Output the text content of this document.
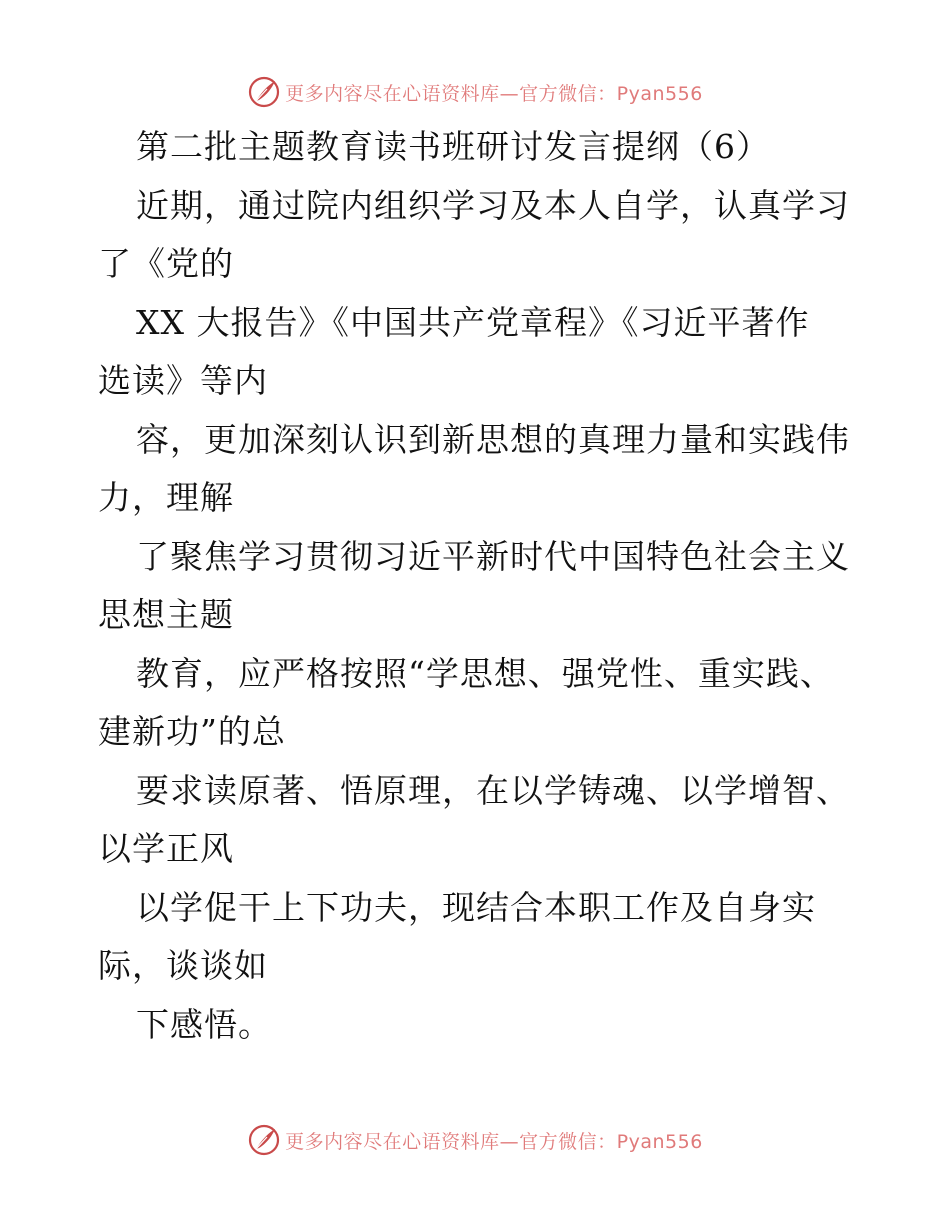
更多内容尽在心语资料库—官方微信：Pyan556
第二批主题教育读书班研讨发言提纲（6）
近期，通过院内组织学习及本人自学，认真学习
了《党的
XX 大报告》《中国共产党章程》《习近平著作
选读》等内
容，更加深刻认识到新思想的真理力量和实践伟
力，理解
了聚焦学习贯彻习近平新时代中国特色社会主义
思想主题
教育，应严格按照“学思想、强党性、重实践、
建新功”的总
要求读原著、悟原理，在以学铸魂、以学增智、
以学正风
以学促干上下功夫，现结合本职工作及自身实
际，谈谈如
下感悟。
更多内容尽在心语资料库—官方微信：Pyan556
